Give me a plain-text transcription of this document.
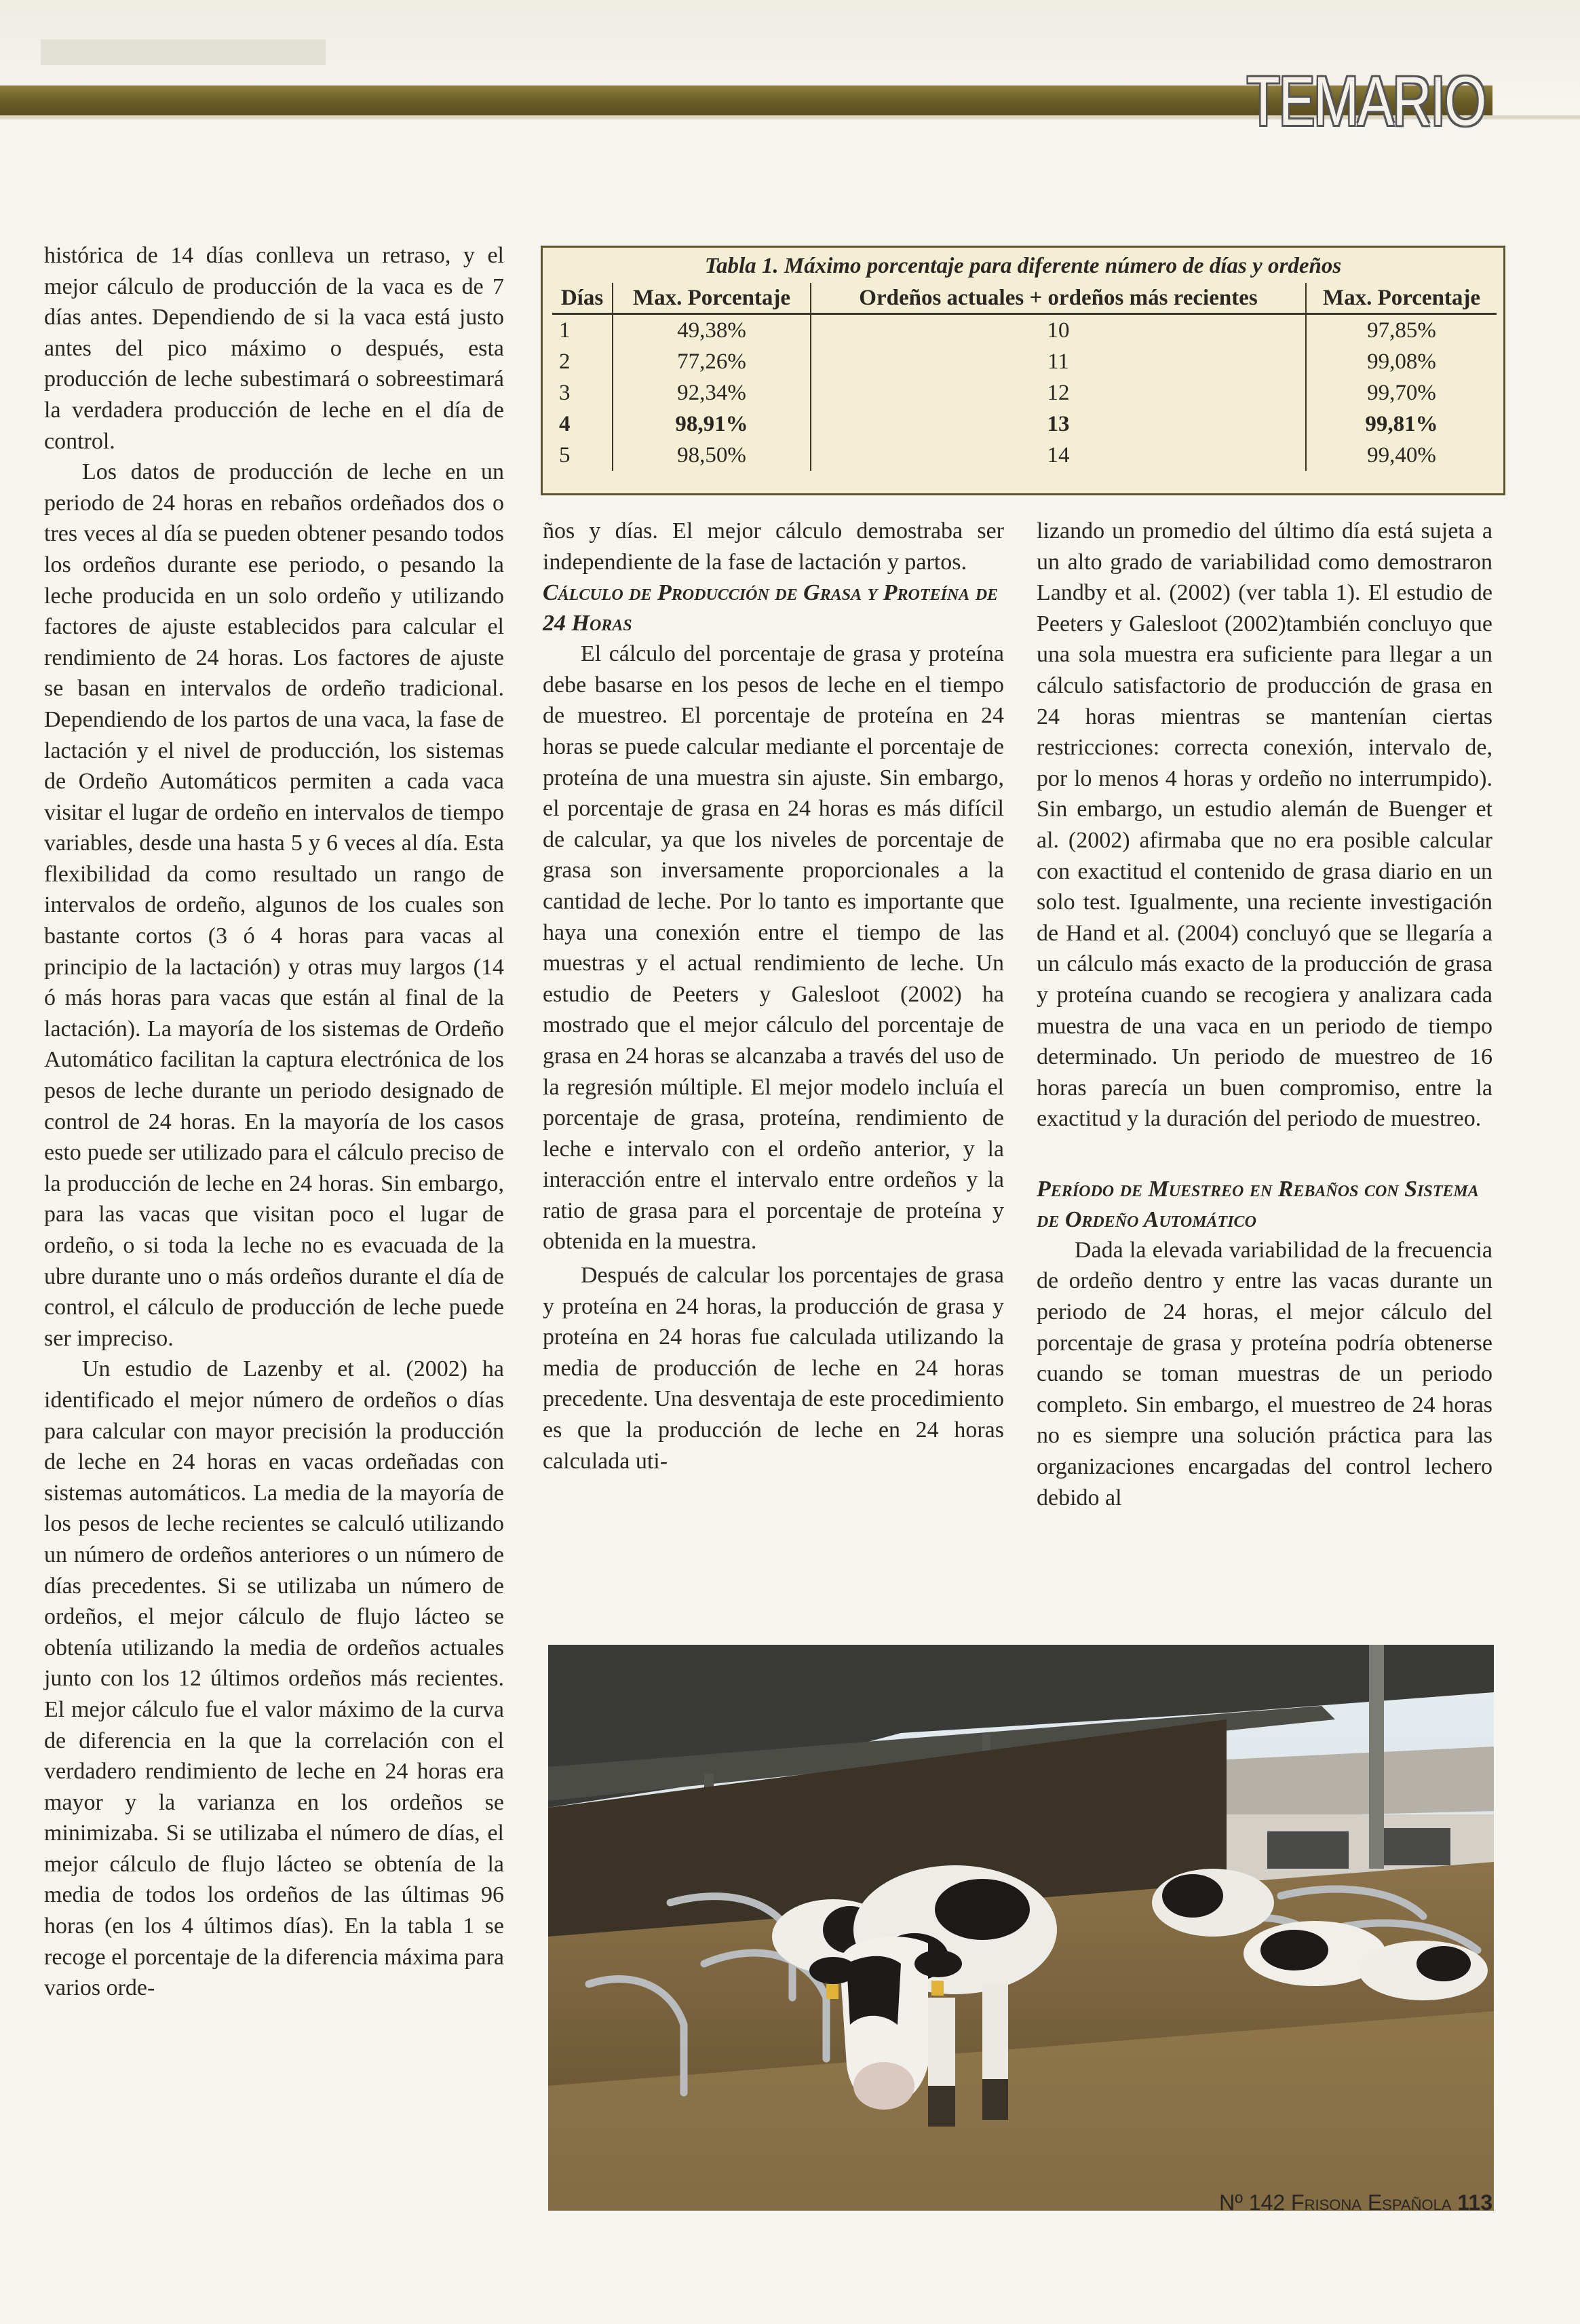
TEMARIO

histórica de 14 días conlleva un retraso, y el mejor cálculo de producción de la vaca es de 7 días antes. Dependiendo de si la vaca está justo antes del pico máximo o después, esta producción de leche subestimará o sobreestimará la verdadera producción de leche en el día de control.

Los datos de producción de leche en un periodo de 24 horas en rebaños ordeñados dos o tres veces al día se pueden obtener pesando todos los ordeños durante ese periodo, o pesando la leche producida en un solo ordeño y utilizando factores de ajuste establecidos para calcular el rendimiento de 24 horas. Los factores de ajuste se basan en intervalos de ordeño tradicional. Dependiendo de los partos de una vaca, la fase de lactación y el nivel de producción, los sistemas de Ordeño Automáticos permiten a cada vaca visitar el lugar de ordeño en intervalos de tiempo variables, desde una hasta 5 y 6 veces al día. Esta flexibilidad da como resultado un rango de intervalos de ordeño, algunos de los cuales son bastante cortos (3 ó 4 horas para vacas al principio de la lactación) y otras muy largos (14 ó más horas para vacas que están al final de la lactación). La mayoría de los sistemas de Ordeño Automático facilitan la captura electrónica de los pesos de leche durante un periodo designado de control de 24 horas. En la mayoría de los casos esto puede ser utilizado para el cálculo preciso de la producción de leche en 24 horas. Sin embargo, para las vacas que visitan poco el lugar de ordeño, o si toda la leche no es evacuada de la ubre durante uno o más ordeños durante el día de control, el cálculo de producción de leche puede ser impreciso.

Un estudio de Lazenby et al. (2002) ha identificado el mejor número de ordeños o días para calcular con mayor precisión la producción de leche en 24 horas en vacas ordeñadas con sistemas automáticos. La media de la mayoría de los pesos de leche recientes se calculó utilizando un número de ordeños anteriores o un número de días precedentes. Si se utilizaba un número de ordeños, el mejor cálculo de flujo lácteo se obtenía utilizando la media de ordeños actuales junto con los 12 últimos ordeños más recientes. El mejor cálculo fue el valor máximo de la curva de diferencia en la que la correlación con el verdadero rendimiento de leche en 24 horas era mayor y la varianza en los ordeños se minimizaba. Si se utilizaba el número de días, el mejor cálculo de flujo lácteo se obtenía de la media de todos los ordeños de las últimas 96 horas (en los 4 últimos días). En la tabla 1 se recoge el porcentaje de la diferencia máxima para varios orde-

Tabla 1. Máximo porcentaje para diferente número de días y ordeños
Días	Max. Porcentaje	Ordeños actuales + ordeños más recientes	Max. Porcentaje
1	49,38%	10	97,85%
2	77,26%	11	99,08%
3	92,34%	12	99,70%
4	98,91%	13	99,81%
5	98,50%	14	99,40%

ños y días. El mejor cálculo demostraba ser independiente de la fase de lactación y partos.

Cálculo de Producción de Grasa y Proteína de 24 Horas

El cálculo del porcentaje de grasa y proteína debe basarse en los pesos de leche en el tiempo de muestreo. El porcentaje de proteína en 24 horas se puede calcular mediante el porcentaje de proteína de una muestra sin ajuste. Sin embargo, el porcentaje de grasa en 24 horas es más difícil de calcular, ya que los niveles de porcentaje de grasa son inversamente proporcionales a la cantidad de leche. Por lo tanto es importante que haya una conexión entre el tiempo de las muestras y el actual rendimiento de leche. Un estudio de Peeters y Galesloot (2002) ha mostrado que el mejor cálculo del porcentaje de grasa en 24 horas se alcanzaba a través del uso de la regresión múltiple. El mejor modelo incluía el porcentaje de grasa, proteína, rendimiento de leche e intervalo con el ordeño anterior, y la interacción entre el intervalo entre ordeños y la ratio de grasa para el porcentaje de proteína y obtenida en la muestra.

Después de calcular los porcentajes de grasa y proteína en 24 horas, la producción de grasa y proteína en 24 horas fue calculada utilizando la media de producción de leche en 24 horas precedente. Una desventaja de este procedimiento es que la producción de leche en 24 horas calculada uti-

lizando un promedio del último día está sujeta a un alto grado de variabilidad como demostraron Landby et al. (2002) (ver tabla 1). El estudio de Peeters y Galesloot (2002)también concluyo que una sola muestra era suficiente para llegar a un cálculo satisfactorio de producción de grasa en 24 horas mientras se mantenían ciertas restricciones: correcta conexión, intervalo de, por lo menos 4 horas y ordeño no interrumpido). Sin embargo, un estudio alemán de Buenger et al. (2002) afirmaba que no era posible calcular con exactitud el contenido de grasa diario en un solo test. Igualmente, una reciente investigación de Hand et al. (2004) concluyó que se llegaría a un cálculo más exacto de la producción de grasa y proteína cuando se recogiera y analizara cada muestra de una vaca en un periodo de tiempo determinado. Un periodo de muestreo de 16 horas parecía un buen compromiso, entre la exactitud y la duración del periodo de muestreo.

Período de Muestreo en Rebaños con Sistema de Ordeño Automático

Dada la elevada variabilidad de la frecuencia de ordeño dentro y entre las vacas durante un periodo de 24 horas, el mejor cálculo del porcentaje de grasa y proteína podría obtenerse cuando se toman muestras de un periodo completo. Sin embargo, el muestreo de 24 horas no es siempre una solución práctica para las organizaciones encargadas del control lechero debido al

Nº 142 Frisona Española 113
